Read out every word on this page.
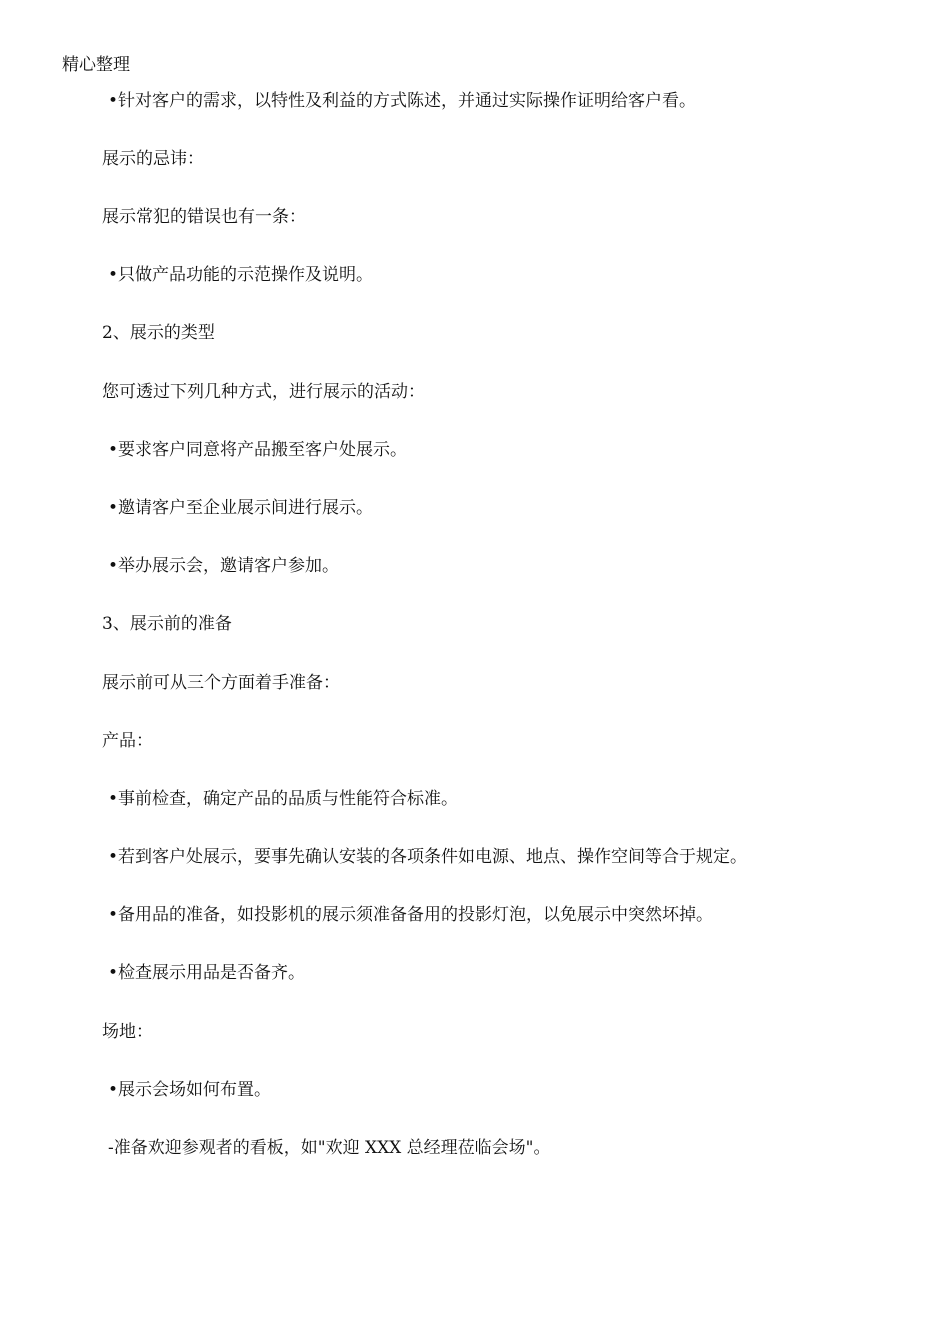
精心整理

•针对客户的需求，以特性及利益的方式陈述，并通过实际操作证明给客户看。

展示的忌讳：

展示常犯的错误也有一条：

•只做产品功能的示范操作及说明。

2、展示的类型

您可透过下列几种方式，进行展示的活动：

•要求客户同意将产品搬至客户处展示。

•邀请客户至企业展示间进行展示。

•举办展示会，邀请客户参加。

3、展示前的准备

展示前可从三个方面着手准备：

产品：

•事前检查，确定产品的品质与性能符合标准。

•若到客户处展示，要事先确认安装的各项条件如电源、地点、操作空间等合于规定。

•备用品的准备，如投影机的展示须准备备用的投影灯泡，以免展示中突然坏掉。

•检查展示用品是否备齐。

场地：

•展示会场如何布置。

-准备欢迎参观者的看板，如"欢迎 XXX 总经理莅临会场"。
